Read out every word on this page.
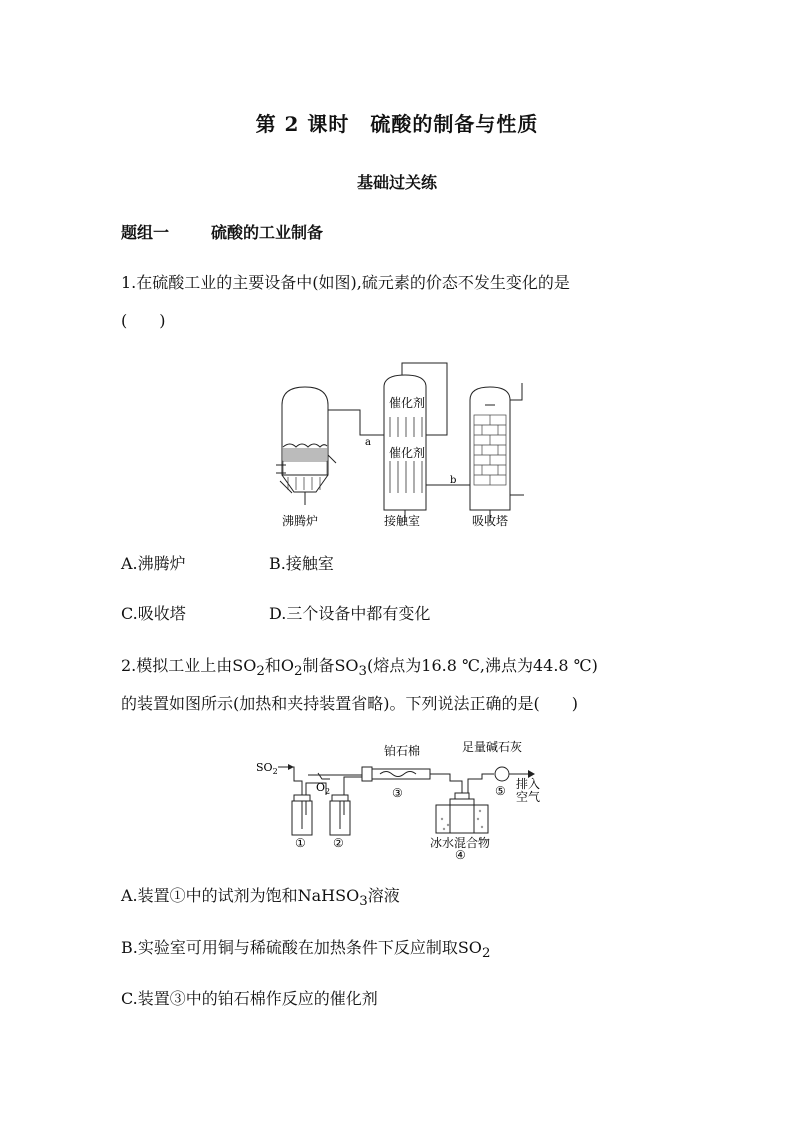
第 2 课时　硫酸的制备与性质
基础过关练
题组一	硫酸的工业制备
1.在硫酸工业的主要设备中(如图),硫元素的价态不发生变化的是
(　　)
催化剂
催化剂
a
b
沸腾炉	接触室	吸收塔
A.沸腾炉	B.接触室
C.吸收塔	D.三个设备中都有变化
2.模拟工业上由$SO_2$和$O_2$制备$SO_3$(熔点为16.8 ℃,沸点为44.8 ℃)
的装置如图所示(加热和夹持装置省略)。下列说法正确的是(　　)
$SO_2$
$O_2$
铂石棉	足量碱石灰
排入
空气
冰水混合物
① ②
③
④
⑤
A.装置①中的试剂为饱和NaHSO$_3$溶液
B.实验室可用铜与稀硫酸在加热条件下反应制取$SO_2$
C.装置③中的铂石棉作反应的催化剂
